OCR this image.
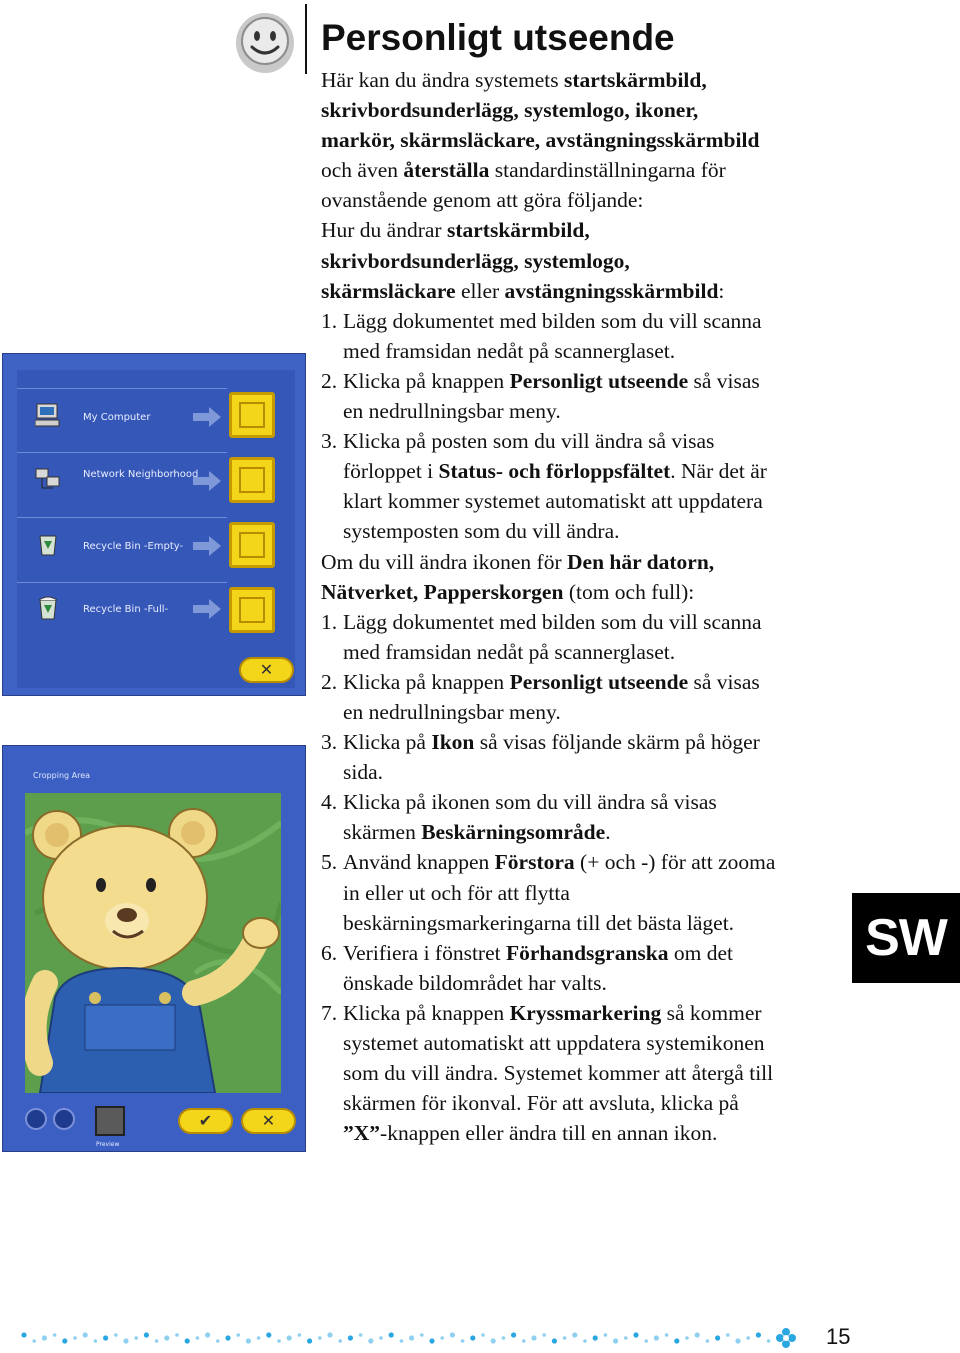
Personligt utseende
Här kan du ändra systemets startskärmbild,
skrivbordsunderlägg, systemlogo, ikoner,
markör, skärmsläckare, avstängningsskärmbild
och även återställa standardinställningarna för
ovanstående genom att göra följande:
Hur du ändrar startskärmbild,
skrivbordsunderlägg, systemlogo,
skärmsläckare eller avstängningsskärmbild:
1. Lägg dokumentet med bilden som du vill scanna
med framsidan nedåt på scannerglaset.
2. Klicka på knappen Personligt utseende så visas
en nedrullningsbar meny.
3. Klicka på posten som du vill ändra så visas
förloppet i Status- och förloppsfältet. När det är
klart kommer systemet automatiskt att uppdatera
systemposten som du vill ändra.
Om du vill ändra ikonen för Den här datorn,
Nätverket, Papperskorgen (tom och full):
1. Lägg dokumentet med bilden som du vill scanna
med framsidan nedåt på scannerglaset.
2. Klicka på knappen Personligt utseende så visas
en nedrullningsbar meny.
3. Klicka på Ikon så visas följande skärm på höger
sida.
4. Klicka på ikonen som du vill ändra så visas
skärmen Beskärningsområde.
5. Använd knappen Förstora (+ och -) för att zooma
in eller ut och för att flytta
beskärningsmarkeringarna till det bästa läget.
6. Verifiera i fönstret Förhandsgranska om det
önskade bildområdet har valts.
7. Klicka på knappen Kryssmarkering så kommer
systemet automatiskt att uppdatera systemikonen
som du vill ändra. Systemet kommer att återgå till
skärmen för ikonval. För att avsluta, klicka på
”X”-knappen eller ändra till en annan ikon.
My Computer
Network Neighborhood
Recycle Bin -Empty-
Recycle Bin -Full-
✕
Cropping Area
Preview
✔	✕
SW
15
